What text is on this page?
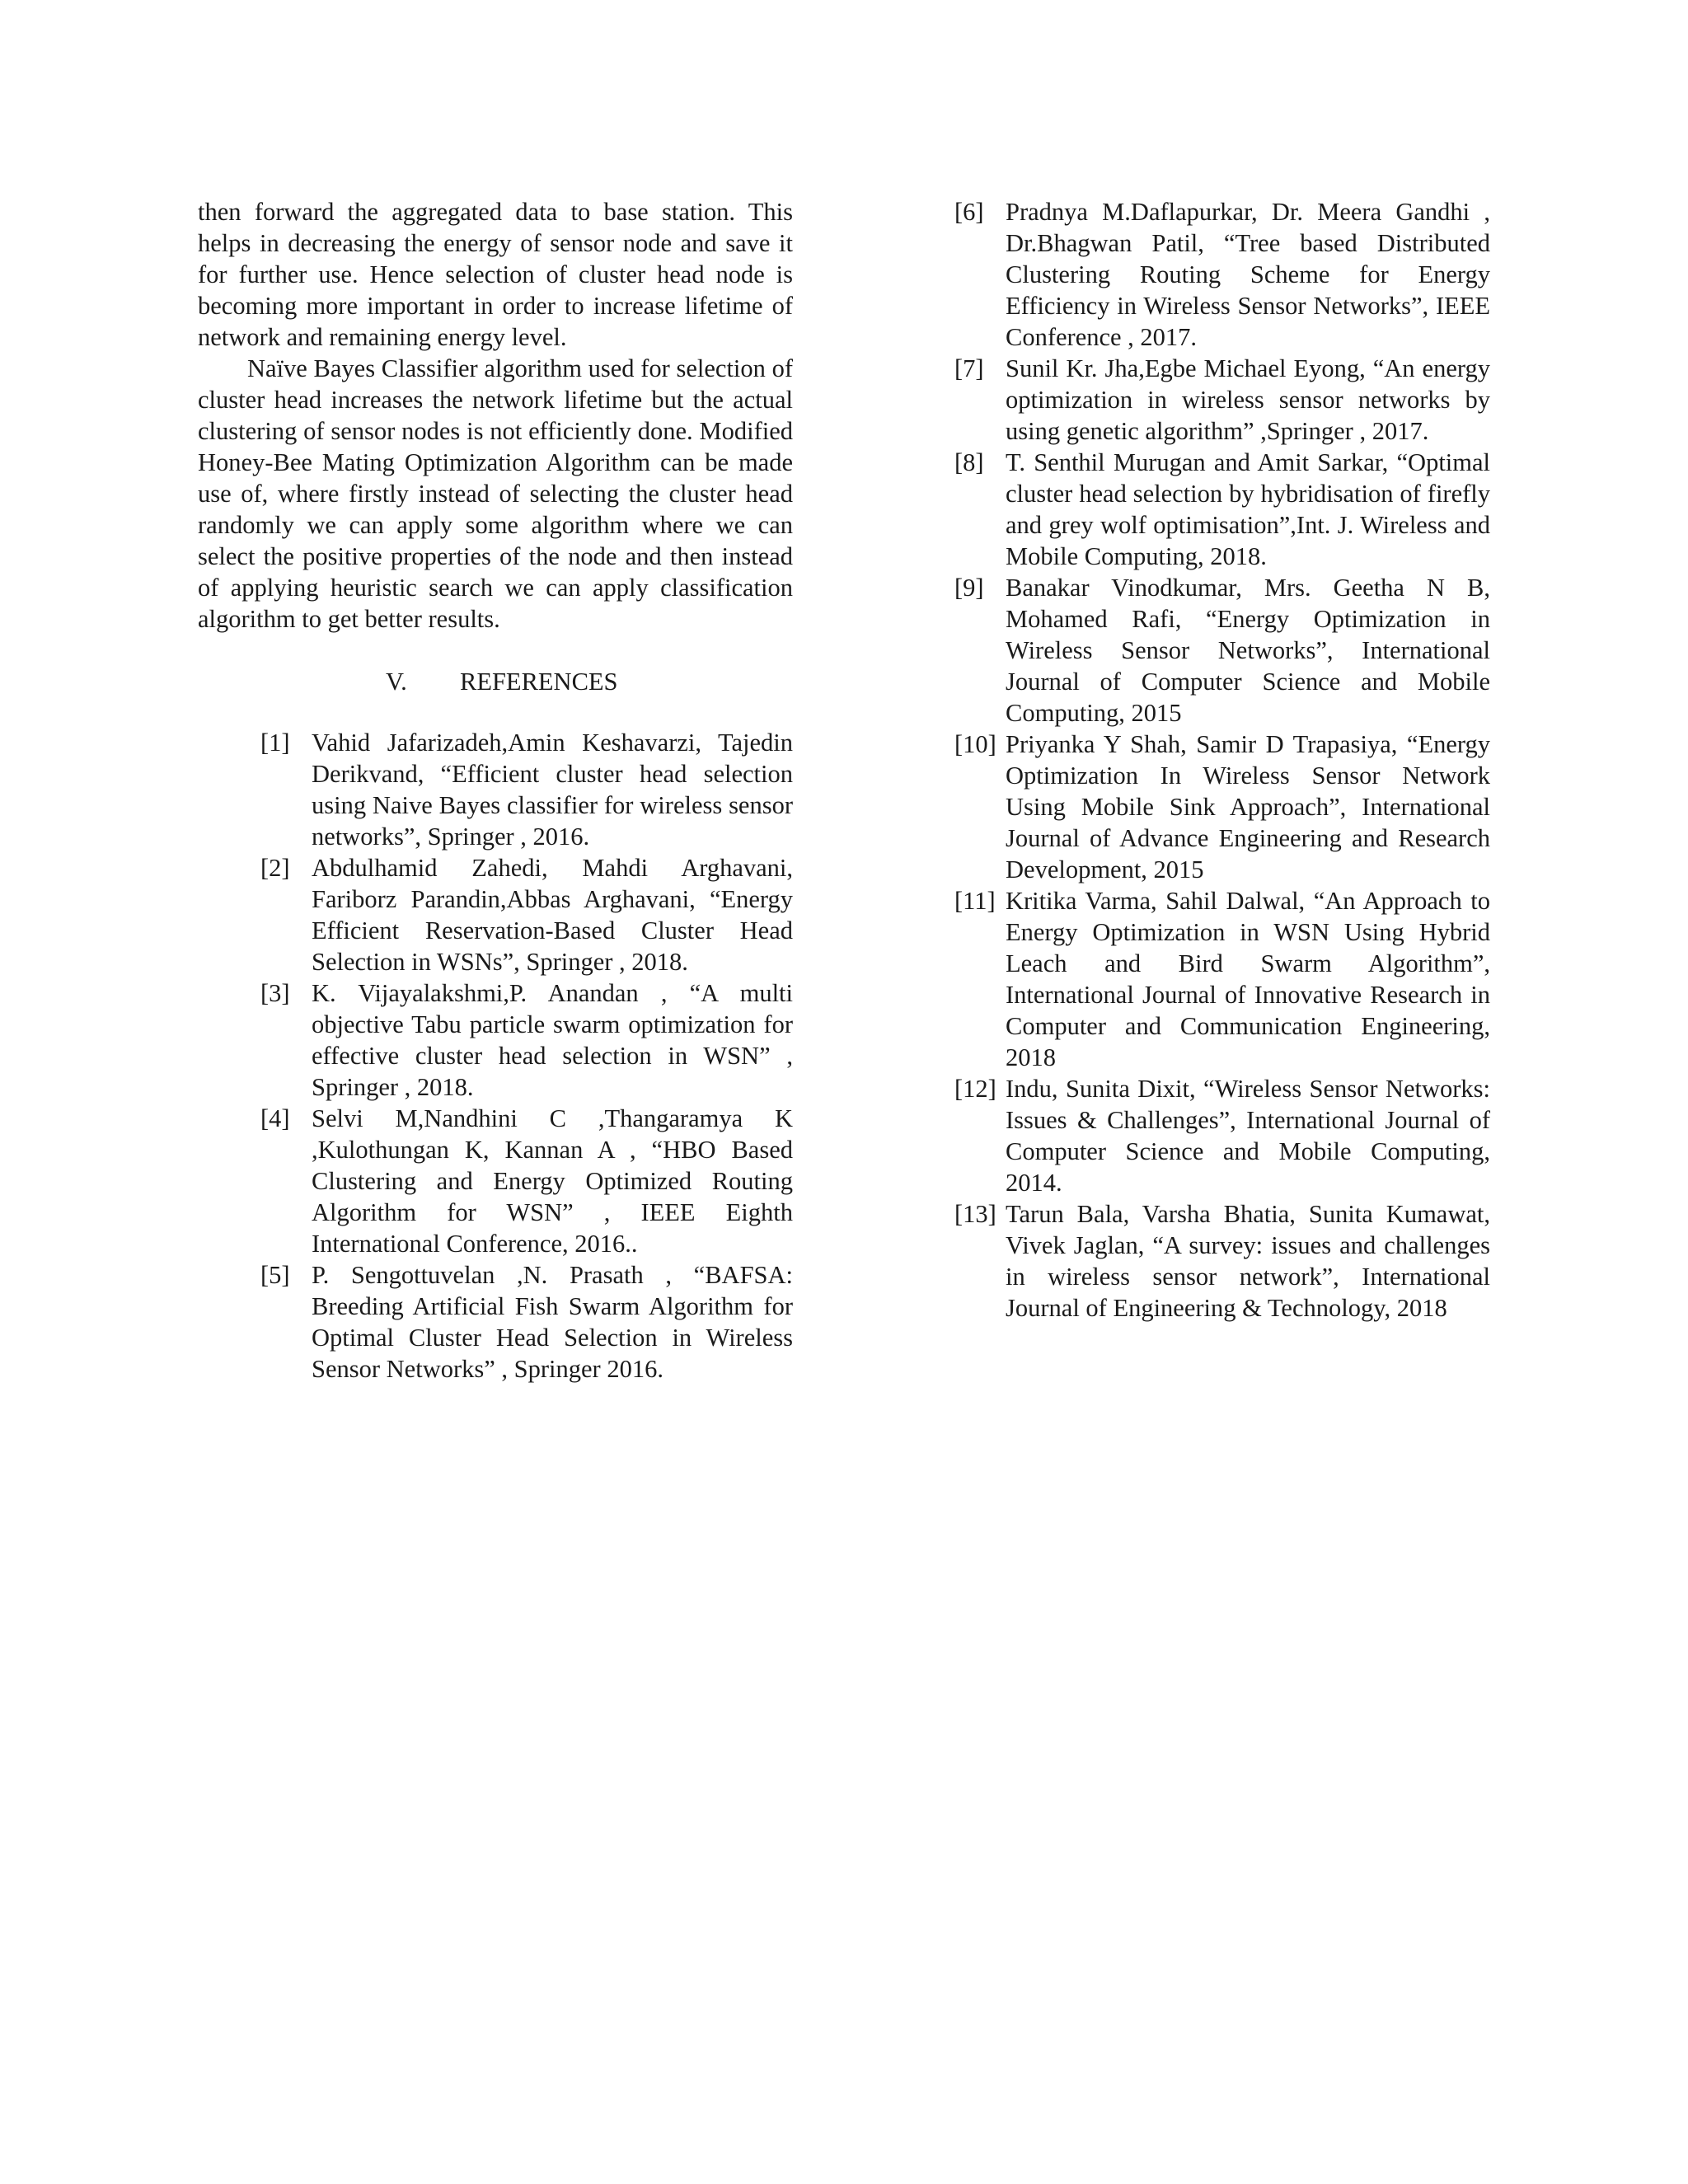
then forward the aggregated data to base station. This helps in decreasing the energy of sensor node and save it for further use. Hence selection of cluster head node is becoming more important in order to increase lifetime of network and remaining energy level.

Naïve Bayes Classifier algorithm used for selection of cluster head increases the network lifetime but the actual clustering of sensor nodes is not efficiently done. Modified Honey-Bee Mating Optimization Algorithm can be made use of, where firstly instead of selecting the cluster head randomly we can apply some algorithm where we can select the positive properties of the node and then instead of applying heuristic search we can apply classification algorithm to get better results.

V. REFERENCES
[1] Vahid Jafarizadeh,Amin Keshavarzi, Tajedin Derikvand, “Efficient cluster head selection using Naive Bayes classifier for wireless sensor networks”, Springer , 2016.
[2] Abdulhamid Zahedi, Mahdi Arghavani, Fariborz Parandin,Abbas Arghavani, “Energy Efficient Reservation-Based Cluster Head Selection in WSNs”, Springer , 2018.
[3] K. Vijayalakshmi,P. Anandan , “A multi objective Tabu particle swarm optimization for effective cluster head selection in WSN” , Springer , 2018.
[4] Selvi M,Nandhini C ,Thangaramya K ,Kulothungan K, Kannan A , “HBO Based Clustering and Energy Optimized Routing Algorithm for WSN” , IEEE Eighth International Conference, 2016..
[5] P. Sengottuvelan ,N. Prasath , “BAFSA: Breeding Artificial Fish Swarm Algorithm for Optimal Cluster Head Selection in Wireless Sensor Networks” , Springer 2016.
[6] Pradnya M.Daflapurkar, Dr. Meera Gandhi , Dr.Bhagwan Patil, “Tree based Distributed Clustering Routing Scheme for Energy Efficiency in Wireless Sensor Networks”, IEEE Conference , 2017.
[7] Sunil Kr. Jha,Egbe Michael Eyong, “An energy optimization in wireless sensor networks by using genetic algorithm” ,Springer , 2017.
[8] T. Senthil Murugan and Amit Sarkar, “Optimal cluster head selection by hybridisation of firefly and grey wolf optimisation”,Int. J. Wireless and Mobile Computing, 2018.
[9] Banakar Vinodkumar, Mrs. Geetha N B, Mohamed Rafi, “Energy Optimization in Wireless Sensor Networks”, International Journal of Computer Science and Mobile Computing, 2015
[10] Priyanka Y Shah, Samir D Trapasiya, “Energy Optimization In Wireless Sensor Network Using Mobile Sink Approach”, International Journal of Advance Engineering and Research Development, 2015
[11] Kritika Varma, Sahil Dalwal, “An Approach to Energy Optimization in WSN Using Hybrid Leach and Bird Swarm Algorithm”, International Journal of Innovative Research in Computer and Communication Engineering, 2018
[12] Indu, Sunita Dixit, “Wireless Sensor Networks: Issues & Challenges”, International Journal of Computer Science and Mobile Computing, 2014.
[13] Tarun Bala, Varsha Bhatia, Sunita Kumawat, Vivek Jaglan, “A survey: issues and challenges in wireless sensor network”, International Journal of Engineering & Technology, 2018
